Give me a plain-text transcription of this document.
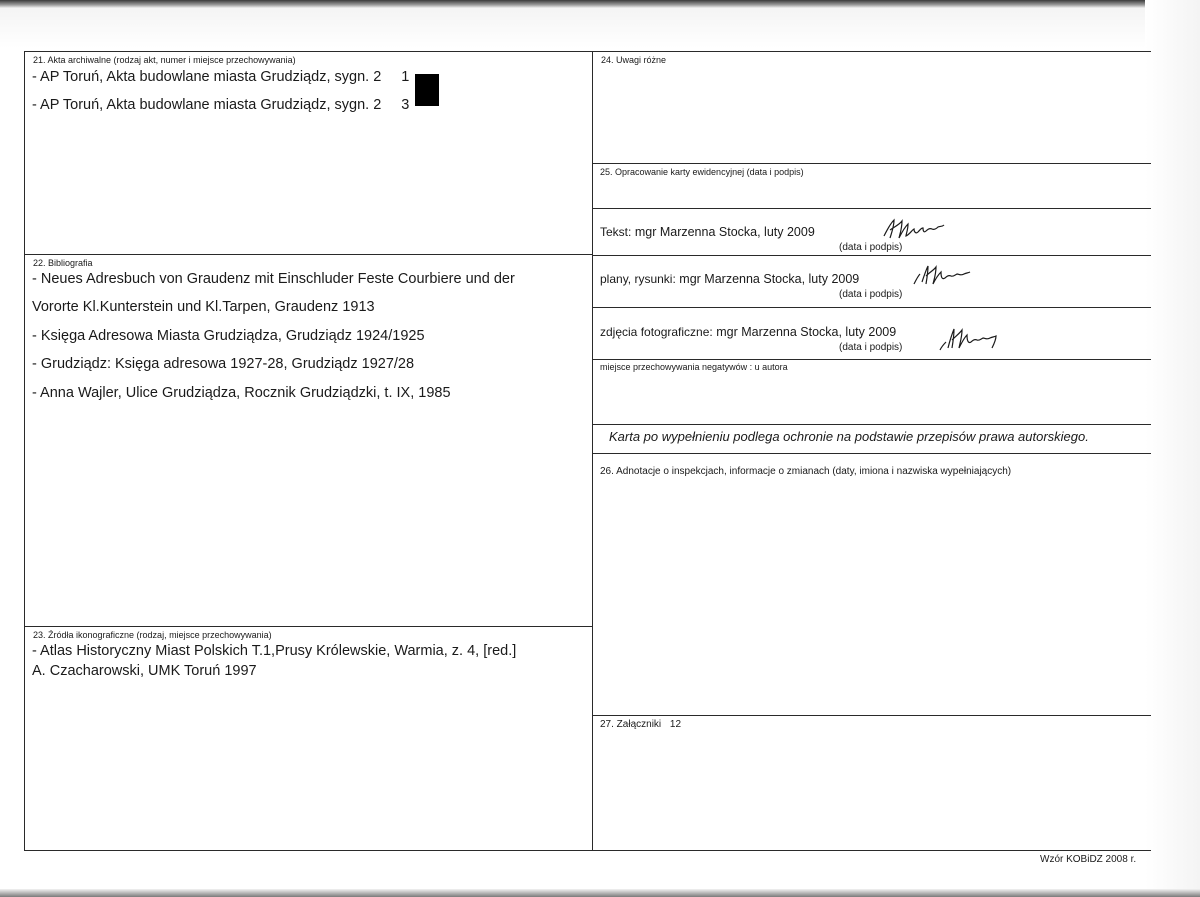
21. Akta archiwalne (rodzaj akt, numer i miejsce przechowywania)
- AP Toruń, Akta budowlane miasta Grudziądz, sygn. 2 1
- AP Toruń, Akta budowlane miasta Grudziądz, sygn. 2 3
22. Bibliografia
- Neues Adresbuch von Graudenz mit Einschluder Feste Courbiere und der
Vororte Kl.Kunterstein und Kl.Tarpen, Graudenz 1913
- Księga Adresowa Miasta Grudziądza, Grudziądz 1924/1925
- Grudziądz: Księga adresowa 1927-28, Grudziądz 1927/28
- Anna Wajler, Ulice Grudziądza, Rocznik Grudziądzki, t. IX, 1985
23. Źródła ikonograficzne (rodzaj, miejsce przechowywania)
- Atlas Historyczny Miast Polskich T.1,Prusy Królewskie, Warmia, z. 4, [red.]
A. Czacharowski, UMK Toruń 1997
24. Uwagi różne
25. Opracowanie karty ewidencyjnej (data i podpis)
Tekst: mgr Marzenna Stocka, luty 2009
(data i podpis)
plany, rysunki: mgr Marzenna Stocka, luty 2009
(data i podpis)
zdjęcia fotograficzne: mgr Marzenna Stocka, luty 2009
(data i podpis)
miejsce przechowywania negatywów : u autora
Karta po wypełnieniu podlega ochronie na podstawie przepisów prawa autorskiego.
26. Adnotacje o inspekcjach, informacje o zmianach (daty, imiona i nazwiska wypełniających)
27. Załączniki 12
Wzór KOBiDZ 2008 r.
